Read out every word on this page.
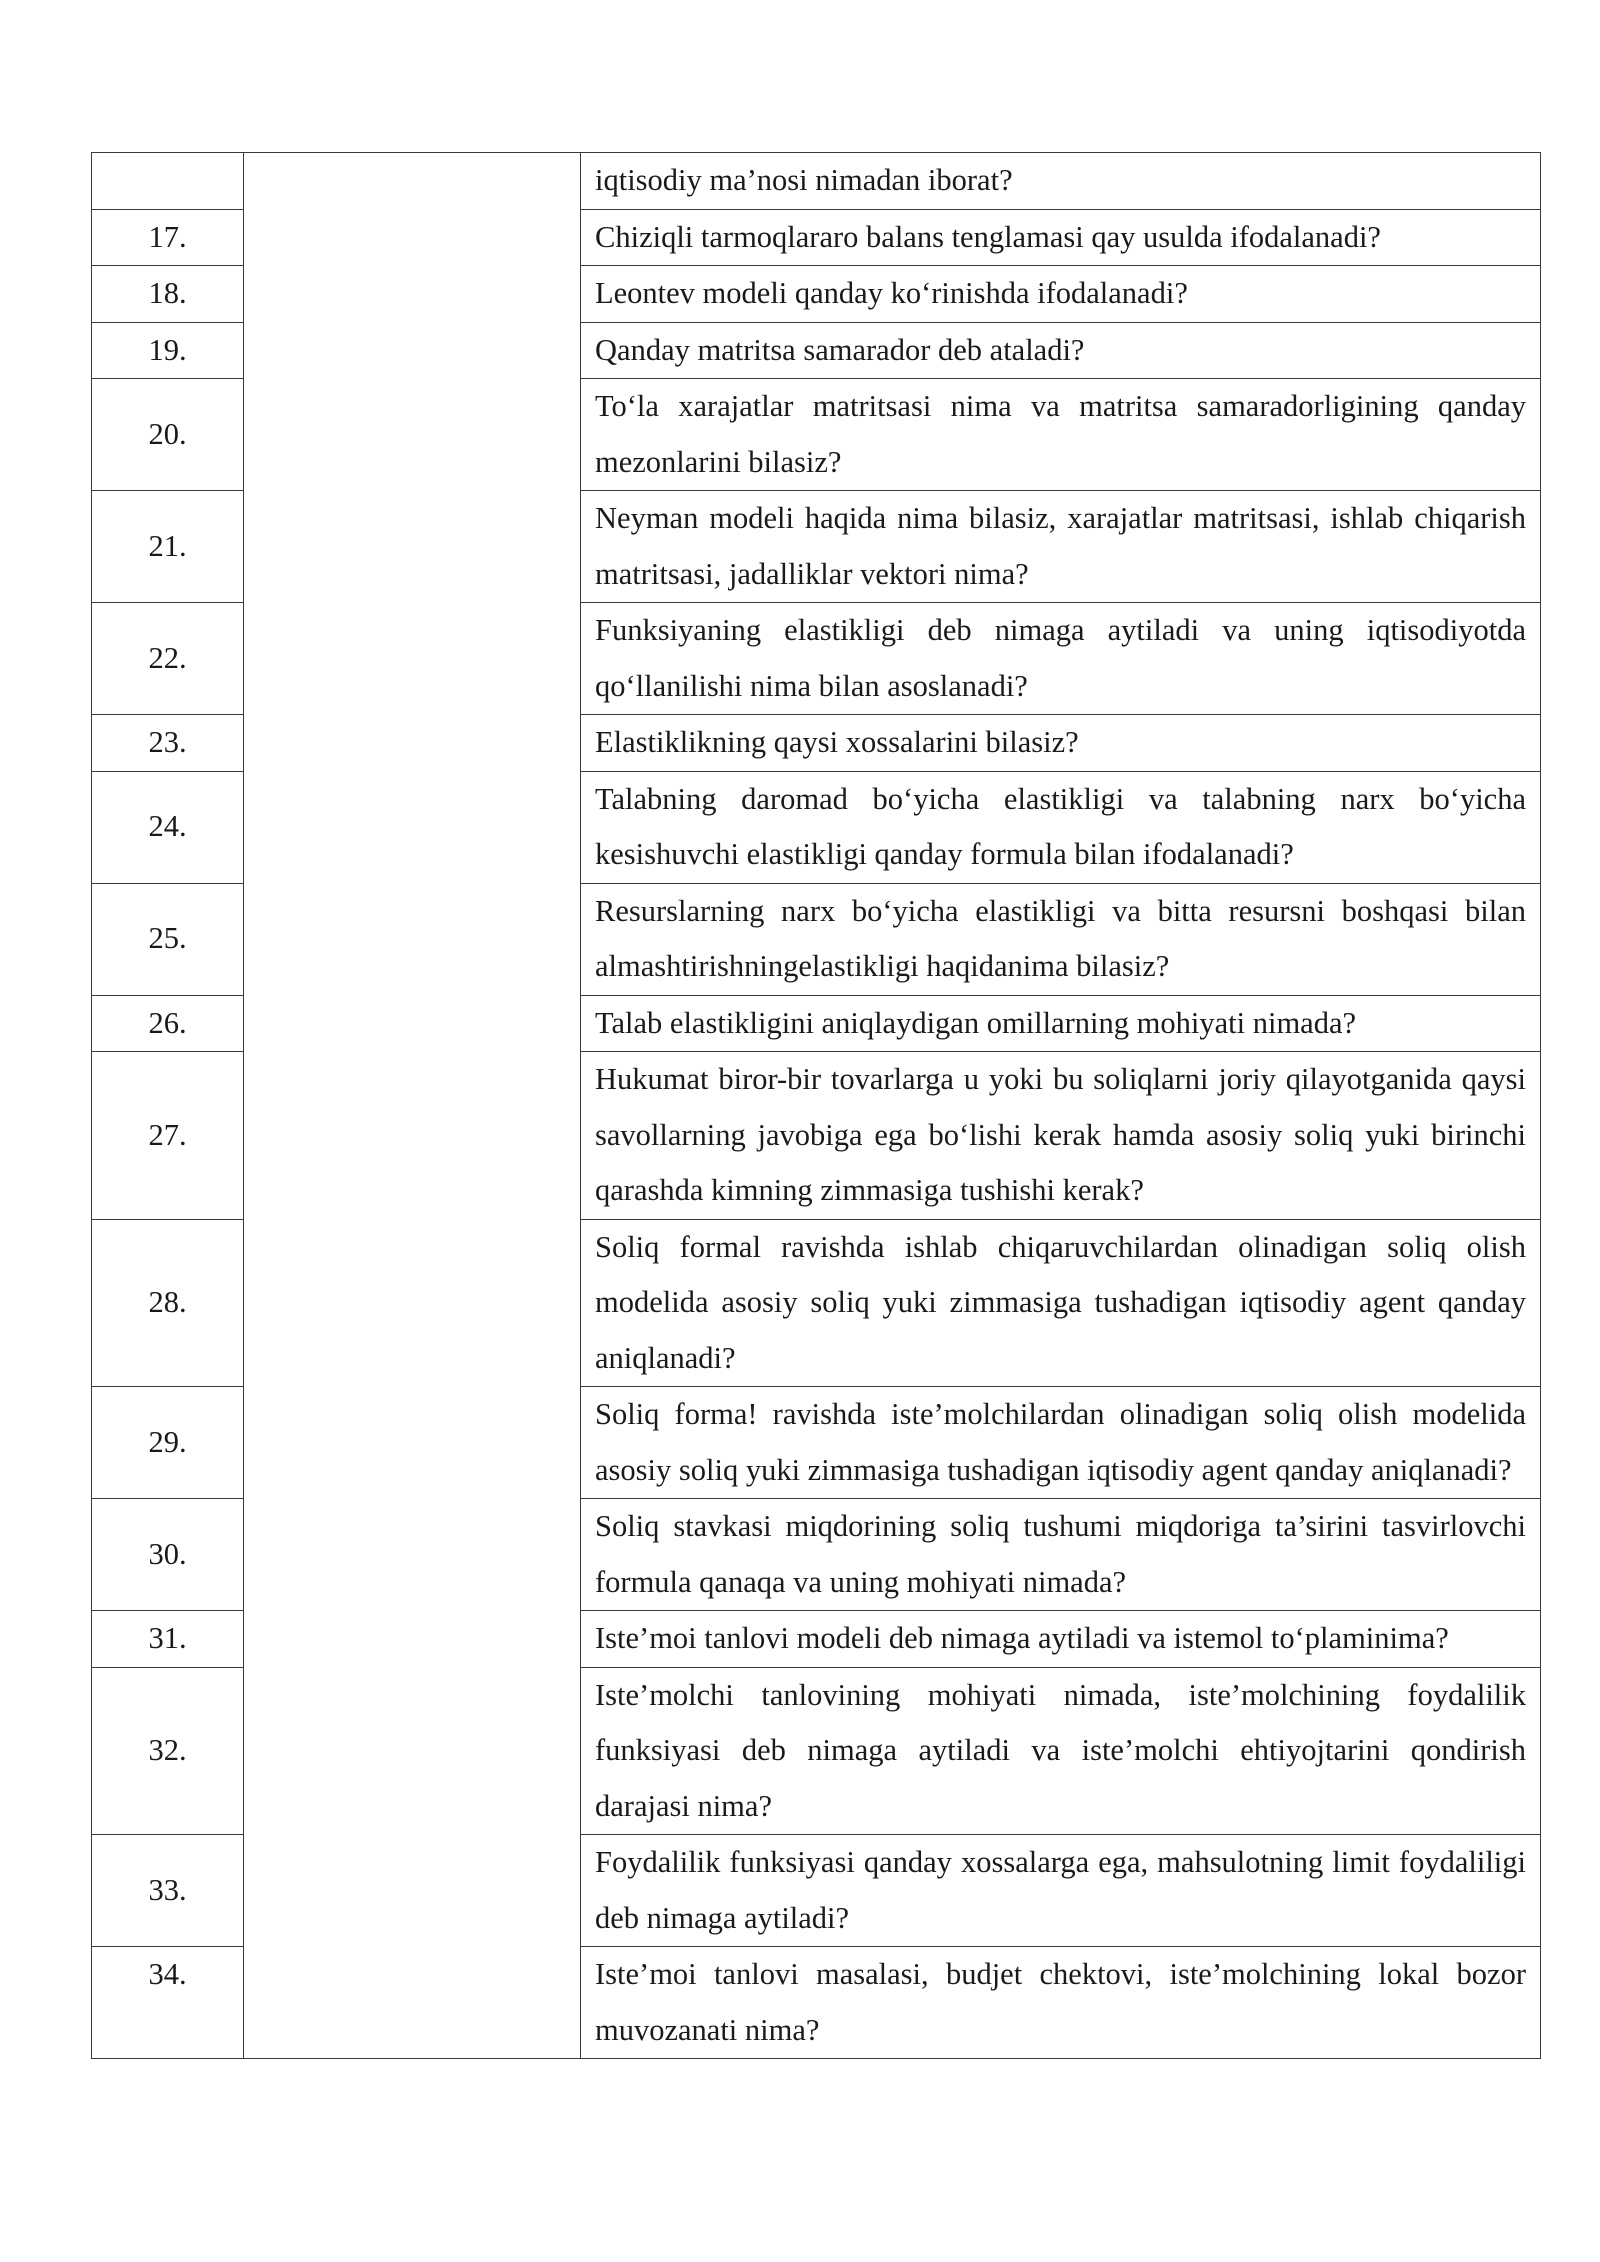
		iqtisodiy ma’nosi nimadan iborat?
17.		Chiziqli tarmoqlararo balans tenglamasi qay usulda ifodalanadi?
18.		Leontev modeli qanday ko‘rinishda ifodalanadi?
19.		Qanday matritsa samarador deb ataladi?
20.		To‘la xarajatlar matritsasi nima va matritsa samaradorligining qanday mezonlarini bilasiz?
21.		Neyman modeli haqida nima bilasiz, xarajatlar matritsasi, ishlab chiqarish matritsasi, jadalliklar vektori nima?
22.		Funksiyaning elastikligi deb nimaga aytiladi va uning iqtisodiyotda qo‘llanilishi nima bilan asoslanadi?
23.		Elastiklikning qaysi xossalarini bilasiz?
24.		Talabning daromad bo‘yicha elastikligi va talabning narx bo‘yicha kesishuvchi elastikligi qanday formula bilan ifodalanadi?
25.		Resurslarning narx bo‘yicha elastikligi va bitta resursni boshqasi bilan almashtirishningelastikligi haqidanima bilasiz?
26.		Talab elastikligini aniqlaydigan omillarning mohiyati nimada?
27.		Hukumat biror-bir tovarlarga u yoki bu soliqlarni joriy qilayotganida qaysi savollarning javobiga ega bo‘lishi kerak hamda asosiy soliq yuki birinchi qarashda kimning zimmasiga tushishi kerak?
28.		Soliq formal ravishda ishlab chiqaruvchilardan olinadigan soliq olish modelida asosiy soliq yuki zimmasiga tushadigan iqtisodiy agent qanday aniqlanadi?
29.		Soliq forma! ravishda iste’molchilardan olinadigan soliq olish modelida asosiy soliq yuki zimmasiga tushadigan iqtisodiy agent qanday aniqlanadi?
30.		Soliq stavkasi miqdorining soliq tushumi miqdoriga ta’sirini tasvirlovchi formula qanaqa va uning mohiyati nimada?
31.		Iste’moi tanlovi modeli deb nimaga aytiladi va istemol to‘plaminima?
32.		Iste’molchi tanlovining mohiyati nimada, iste’molchining foydalilik funksiyasi deb nimaga aytiladi va iste’molchi ehtiyojtarini qondirish darajasi nima?
33.		Foydalilik funksiyasi qanday xossalarga ega, mahsulotning limit foydaliligi deb nimaga aytiladi?
34.		Iste’moi tanlovi masalasi, budjet chektovi, iste’molchining lokal bozor muvozanati nima?
